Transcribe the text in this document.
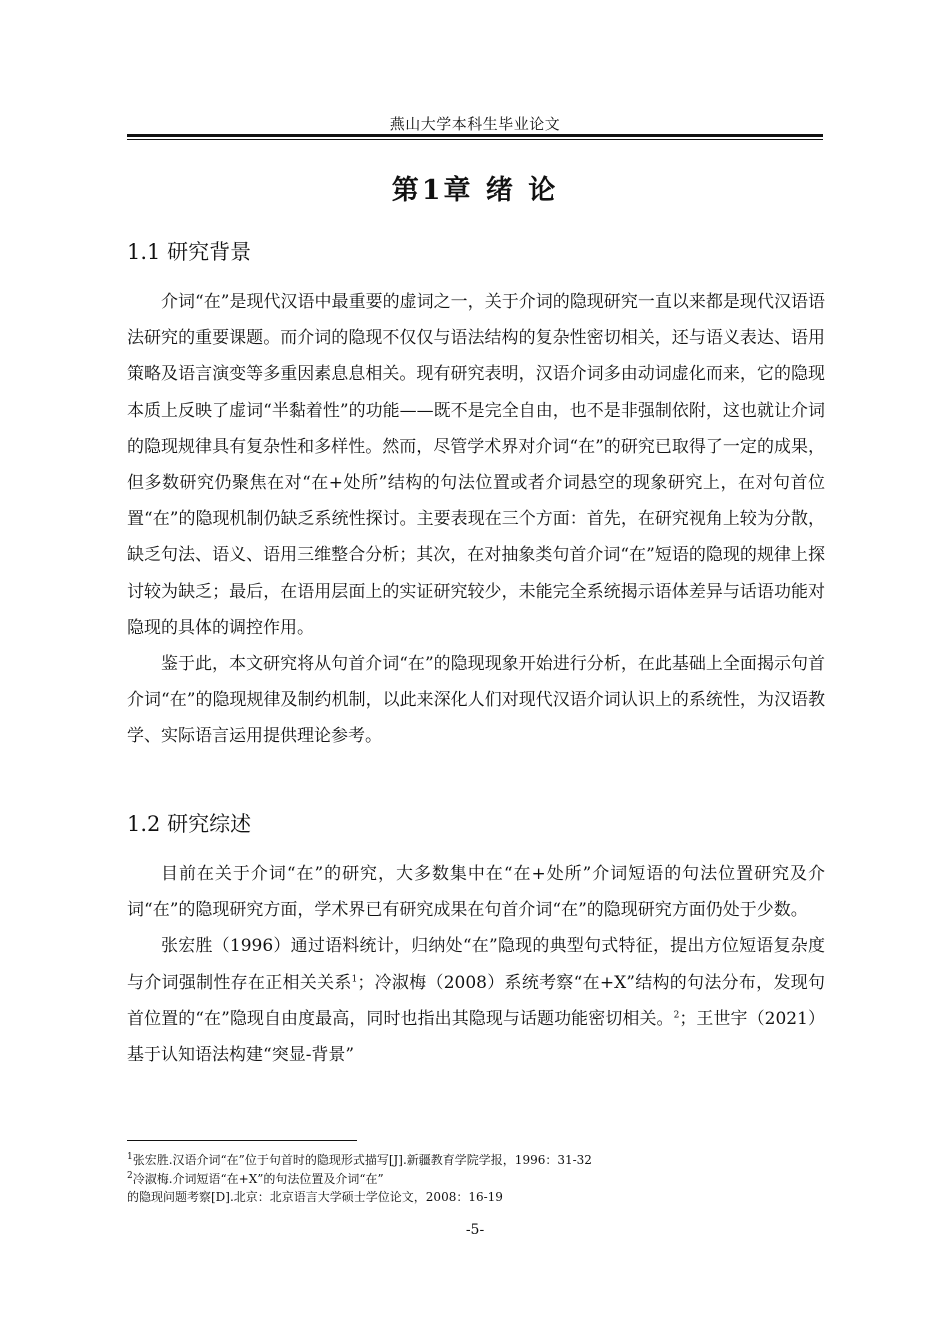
燕山大学本科生毕业论文
第1章 绪 论
1.1 研究背景

介词“在”是现代汉语中最重要的虚词之一，关于介词的隐现研究一直以来都是现代汉语语法研究的重要课题。而介词的隐现不仅仅与语法结构的复杂性密切相关，还与语义表达、语用策略及语言演变等多重因素息息相关。现有研究表明，汉语介词多由动词虚化而来，它的隐现本质上反映了虚词“半黏着性”的功能——既不是完全自由，也不是非强制依附，这也就让介词的隐现规律具有复杂性和多样性。然而，尽管学术界对介词“在”的研究已取得了一定的成果，但多数研究仍聚焦在对“在+处所”结构的句法位置或者介词悬空的现象研究上，在对句首位置“在”的隐现机制仍缺乏系统性探讨。主要表现在三个方面：首先，在研究视角上较为分散，缺乏句法、语义、语用三维整合分析；其次，在对抽象类句首介词“在”短语的隐现的规律上探讨较为缺乏；最后，在语用层面上的实证研究较少，未能完全系统揭示语体差异与话语功能对隐现的具体的调控作用。

鉴于此，本文研究将从句首介词“在”的隐现现象开始进行分析，在此基础上全面揭示句首介词“在”的隐现规律及制约机制，以此来深化人们对现代汉语介词认识上的系统性，为汉语教学、实际语言运用提供理论参考。

1.2 研究综述

目前在关于介词“在”的研究，大多数集中在“在+处所”介词短语的句法位置研究及介词“在”的隐现研究方面，学术界已有研究成果在句首介词“在”的隐现研究方面仍处于少数。

张宏胜（1996）通过语料统计，归纳处“在”隐现的典型句式特征，提出方位短语复杂度与介词强制性存在正相关关系$^1$；冷淑梅（2008）系统考察“在+X”结构的句法分布，发现句首位置的“在”隐现自由度最高，同时也指出其隐现与话题功能密切相关。$^2$；王世宇（2021）基于认知语法构建“突显-背景”

$^1$张宏胜.汉语介词“在”位于句首时的隐现形式描写[J].新疆教育学院学报，1996：31-32
$^2$冷淑梅.介词短语“在+X”的句法位置及介词“在”
的隐现问题考察[D].北京：北京语言大学硕士学位论文，2008：16-19
-5-
